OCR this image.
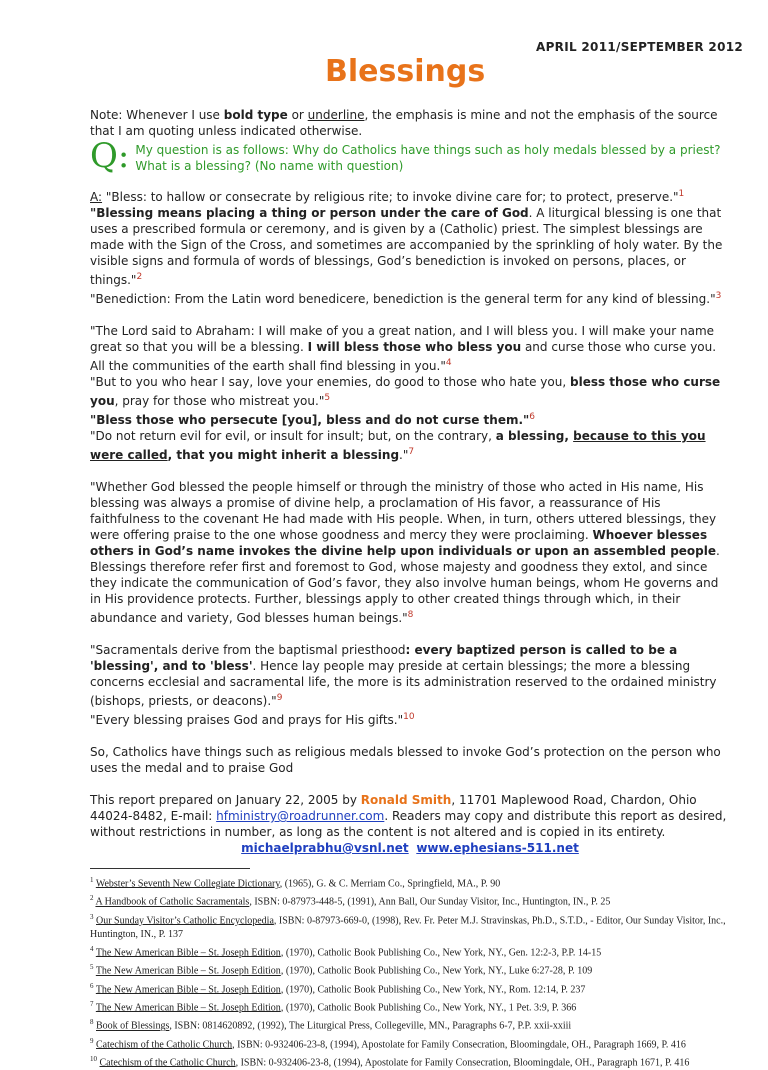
APRIL 2011/SEPTEMBER 2012
Blessings

Note: Whenever I use bold type or underline, the emphasis is mine and not the emphasis of the source that I am quoting unless indicated otherwise.

Q: My question is as follows: Why do Catholics have things such as holy medals blessed by a priest? What is a blessing? (No name with question)

A: "Bless: to hallow or consecrate by religious rite; to invoke divine care for; to protect, preserve."$^1$

"Blessing means placing a thing or person under the care of God. A liturgical blessing is one that uses a prescribed formula or ceremony, and is given by a (Catholic) priest. The simplest blessings are made with the Sign of the Cross, and sometimes are accompanied by the sprinkling of holy water. By the visible signs and formula of words of blessings, God’s benediction is invoked on persons, places, or things."$^2$

"Benediction: From the Latin word benedicere, benediction is the general term for any kind of blessing."$^3$

"The Lord said to Abraham: I will make of you a great nation, and I will bless you. I will make your name great so that you will be a blessing. I will bless those who bless you and curse those who curse you. All the communities of the earth shall find blessing in you."$^4$

"But to you who hear I say, love your enemies, do good to those who hate you, bless those who curse you, pray for those who mistreat you."$^5$

"Bless those who persecute [you], bless and do not curse them."$^6$

"Do not return evil for evil, or insult for insult; but, on the contrary, a blessing, because to this you were called, that you might inherit a blessing."$^7$

"Whether God blessed the people himself or through the ministry of those who acted in His name, His blessing was always a promise of divine help, a proclamation of His favor, a reassurance of His faithfulness to the covenant He had made with His people. When, in turn, others uttered blessings, they were offering praise to the one whose goodness and mercy they were proclaiming. Whoever blesses others in God’s name invokes the divine help upon individuals or upon an assembled people. Blessings therefore refer first and foremost to God, whose majesty and goodness they extol, and since they indicate the communication of God’s favor, they also involve human beings, whom He governs and in His providence protects. Further, blessings apply to other created things through which, in their abundance and variety, God blesses human beings."$^8$

"Sacramentals derive from the baptismal priesthood: every baptized person is called to be a 'blessing', and to 'bless'. Hence lay people may preside at certain blessings; the more a blessing concerns ecclesial and sacramental life, the more is its administration reserved to the ordained ministry (bishops, priests, or deacons)."$^9$

"Every blessing praises God and prays for His gifts."$^{10}$

So, Catholics have things such as religious medals blessed to invoke God’s protection on the person who uses the medal and to praise God

This report prepared on January 22, 2005 by Ronald Smith, 11701 Maplewood Road, Chardon, Ohio 44024-8482, E-mail: hfministry@roadrunner.com. Readers may copy and distribute this report as desired, without restrictions in number, as long as the content is not altered and is copied in its entirety.

michaelprabhu@vsnl.net www.ephesians-511.net

$^1$ Webster’s Seventh New Collegiate Dictionary, (1965), G. & C. Merriam Co., Springfield, MA., P. 90
$^2$ A Handbook of Catholic Sacramentals, ISBN: 0-87973-448-5, (1991), Ann Ball, Our Sunday Visitor, Inc., Huntington, IN., P. 25
$^3$ Our Sunday Visitor’s Catholic Encyclopedia, ISBN: 0-87973-669-0, (1998), Rev. Fr. Peter M.J. Stravinskas, Ph.D., S.T.D., - Editor, Our Sunday Visitor, Inc., Huntington, IN., P. 137
$^4$ The New American Bible – St. Joseph Edition, (1970), Catholic Book Publishing Co., New York, NY., Gen. 12:2-3, P.P. 14-15
$^5$ The New American Bible – St. Joseph Edition, (1970), Catholic Book Publishing Co., New York, NY., Luke 6:27-28, P. 109
$^6$ The New American Bible – St. Joseph Edition, (1970), Catholic Book Publishing Co., New York, NY., Rom. 12:14, P. 237
$^7$ The New American Bible – St. Joseph Edition, (1970), Catholic Book Publishing Co., New York, NY., 1 Pet. 3:9, P. 366
$^8$ Book of Blessings, ISBN: 0814620892, (1992), The Liturgical Press, Collegeville, MN., Paragraphs 6-7, P.P. xxii-xxiii
$^9$ Catechism of the Catholic Church, ISBN: 0-932406-23-8, (1994), Apostolate for Family Consecration, Bloomingdale, OH., Paragraph 1669, P. 416
$^{10}$ Catechism of the Catholic Church, ISBN: 0-932406-23-8, (1994), Apostolate for Family Consecration, Bloomingdale, OH., Paragraph 1671, P. 416
